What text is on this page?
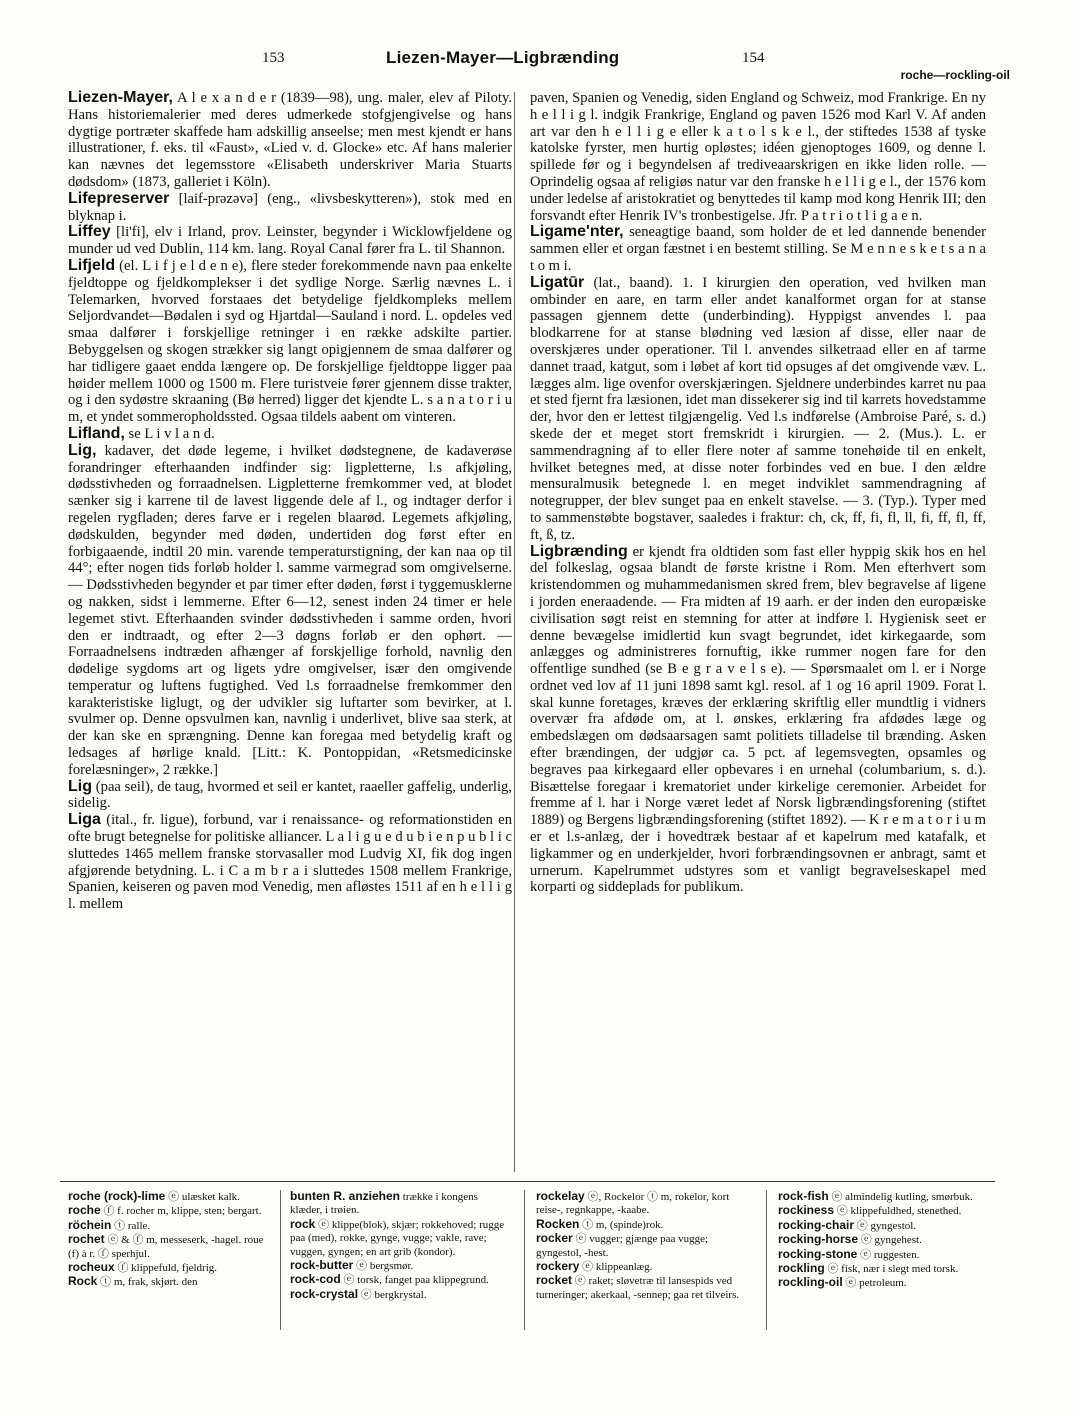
153	Liezen-Mayer—Ligbrænding	154
roche—rockling-oil

Liezen-Mayer, A l e x a n d e r (1839—98), ung. maler, elev af Piloty. Hans historiemalerier med deres udmerkede stofgjengivelse og hans dygtige portræter skaffede ham adskillig anseelse; men mest kjendt er hans illustrationer, f. eks. til «Faust», «Lied v. d. Glocke» etc. Af hans malerier kan nævnes det legemsstore «Elisabeth underskriver Maria Stuarts dødsdom» (1873, galleriet i Köln).

Lifepreserver [laif-prəzəvə] (eng., «livsbeskytteren»), stok med en blyknap i.

Liffey [li'fi], elv i Irland, prov. Leinster, begynder i Wicklowfjeldene og munder ud ved Dublin, 114 km. lang. Royal Canal fører fra L. til Shannon.

Lifjeld (el. L i f j e l d e n e), flere steder forekommende navn paa enkelte fjeldtoppe og fjeldkomplekser i det sydlige Norge. Særlig nævnes L. i Telemarken, hvorved forstaaes det betydelige fjeldkompleks mellem Seljordvandet—Bødalen i syd og Hjartdal—Sauland i nord. L. opdeles ved smaa dalfører i forskjellige retninger i en række adskilte partier. Bebyggelsen og skogen strækker sig langt opigjennem de smaa dalfører og har tidligere gaaet endda længere op. De forskjellige fjeldtoppe ligger paa høider mellem 1000 og 1500 m. Flere turistveie fører gjennem disse trakter, og i den sydøstre skraaning (Bø herred) ligger det kjendte L. s a n a t o r i u m, et yndet sommeropholdssted. Ogsaa tildels aabent om vinteren.

Lifland, se L i v l a n d.

Lig, kadaver, det døde legeme, i hvilket dødstegnene, de kadaverøse forandringer efterhaanden indfinder sig: ligpletterne, l.s afkjøling, dødsstivheden og forraadnelsen. Ligpletterne fremkommer ved, at blodet sænker sig i karrene til de lavest liggende dele af l., og indtager derfor i regelen rygfladen; deres farve er i regelen blaarød. Legemets afkjøling, dødskulden, begynder med døden, undertiden dog først efter en forbigaaende, indtil 20 min. varende temperaturstigning, der kan naa op til 44°; efter nogen tids forløb holder l. samme varmegrad som omgivelserne. — Dødsstivheden begynder et par timer efter døden, først i tyggemusklerne og nakken, sidst i lemmerne. Efter 6—12, senest inden 24 timer er hele legemet stivt. Efterhaanden svinder dødsstivheden i samme orden, hvori den er indtraadt, og efter 2—3 døgns forløb er den ophørt. — Forraadnelsens indtræden afhænger af forskjellige forhold, navnlig den dødelige sygdoms art og ligets ydre omgivelser, især den omgivende temperatur og luftens fugtighed. Ved l.s forraadnelse fremkommer den karakteristiske liglugt, og der udvikler sig luftarter som bevirker, at l. svulmer op. Denne opsvulmen kan, navnlig i underlivet, blive saa sterk, at der kan ske en sprængning. Denne kan foregaa med betydelig kraft og ledsages af hørlige knald. [Litt.: K. Pontoppidan, «Retsmedicinske forelæsninger», 2 række.]

Lig (paa seil), de taug, hvormed et seil er kantet, raaeller gaffelig, underlig, sidelig.

Liga (ital., fr. ligue), forbund, var i renaissance- og reformationstiden en ofte brugt betegnelse for politiske alliancer. L a l i g u e d u b i e n p u b l i c sluttedes 1465 mellem franske storvasaller mod Ludvig XI, fik dog ingen afgjørende betydning. L. i C a m b r a i sluttedes 1508 mellem Frankrige, Spanien, keiseren og paven mod Venedig, men afløstes 1511 af en h e l l i g l. mellem

paven, Spanien og Venedig, siden England og Schweiz, mod Frankrige. En ny h e l l i g l. indgik Frankrige, England og paven 1526 mod Karl V. Af anden art var den h e l l i g e eller k a t o l s k e l., der stiftedes 1538 af tyske katolske fyrster, men hurtig opløstes; idéen gjenoptoges 1609, og denne l. spillede før og i begyndelsen af trediveaarskrigen en ikke liden rolle. — Oprindelig ogsaa af religiøs natur var den franske h e l l i g e l., der 1576 kom under ledelse af aristokratiet og benyttedes til kamp mod kong Henrik III; den forsvandt efter Henrik IV's tronbestigelse. Jfr. P a t r i o t l i g a e n.

Ligame'nter, seneagtige baand, som holder de et led dannende benender sammen eller et organ fæstnet i en bestemt stilling. Se M e n n e s k e t s a n a t o m i.

Ligatūr (lat., baand). 1. I kirurgien den operation, ved hvilken man ombinder en aare, en tarm eller andet kanalformet organ for at stanse passagen gjennem dette (underbinding). Hyppigst anvendes l. paa blodkarrene for at stanse blødning ved læsion af disse, eller naar de overskjæres under operationer. Til l. anvendes silketraad eller en af tarme dannet traad, katgut, som i løbet af kort tid opsuges af det omgivende væv. L. lægges alm. lige ovenfor overskjæringen. Sjeldnere underbindes karret nu paa et sted fjernt fra læsionen, idet man dissekerer sig ind til karrets hovedstamme der, hvor den er lettest tilgjængelig. Ved l.s indførelse (Ambroise Paré, s. d.) skede der et meget stort fremskridt i kirurgien. — 2. (Mus.). L. er sammendragning af to eller flere noter af samme tonehøide til en enkelt, hvilket betegnes med, at disse noter forbindes ved en bue. I den ældre mensuralmusik betegnede l. en meget indviklet sammendragning af notegrupper, der blev sunget paa en enkelt stavelse. — 3. (Typ.). Typer med to sammenstøbte bogstaver, saaledes i fraktur: ch, ck, ff, fi, fl, ll, fi, ff, fl, ff, ft, ß, tz.

Ligbrænding er kjendt fra oldtiden som fast eller hyppig skik hos en hel del folkeslag, ogsaa blandt de første kristne i Rom. Men efterhvert som kristendommen og muhammedanismen skred frem, blev begravelse af ligene i jorden eneraadende. — Fra midten af 19 aarh. er der inden den europæiske civilisation søgt reist en stemning for atter at indføre l. Hygienisk seet er denne bevægelse imidlertid kun svagt begrundet, idet kirkegaarde, som anlægges og administreres fornuftig, ikke rummer nogen fare for den offentlige sundhed (se B e g r a v e l s e). — Spørsmaalet om l. er i Norge ordnet ved lov af 11 juni 1898 samt kgl. resol. af 1 og 16 april 1909. Forat l. skal kunne foretages, kræves der erklæring skriftlig eller mundtlig i vidners overvær fra afdøde om, at l. ønskes, erklæring fra afdødes læge og embedslægen om dødsaarsagen samt politiets tilladelse til brænding. Asken efter brændingen, der udgjør ca. 5 pct. af legemsvegten, opsamles og begraves paa kirkegaard eller opbevares i en urnehal (columbarium, s. d.). Bisættelse foregaar i krematoriet under kirkelige ceremonier. Arbeidet for fremme af l. har i Norge været ledet af Norsk ligbrændingsforening (stiftet 1889) og Bergens ligbrændingsforening (stiftet 1892). — K r e m a t o r i u m er et l.s-anlæg, der i hovedtræk bestaar af et kapelrum med katafalk, et ligkammer og en underkjelder, hvori forbrændingsovnen er anbragt, samt et urnerum. Kapelrummet udstyres som et vanligt begravelseskapel med korparti og siddeplads for publikum.

roche (rock)-lime ⓔ ulæsket kalk.

roche ⓕ f. rocher m, klippe, sten; bergart.

röchein ⓣ ralle.

rochet ⓔ & ⓕ m, messeserk, -hagel. roue (f) à r. ⓕ sperhjul.

rocheux ⓕ klippefuld, fjeldrig.

Rock ⓣ m, frak, skjørt. den

bunten R. anziehen trække i kongens klæder, i trøien.

rock ⓔ klippe(blok), skjær; rokkehoved; rugge paa (med), rokke, gynge, vugge; vakle, rave; vuggen, gyngen; en art grib (kondor).

rock-butter ⓔ bergsmør.

rock-cod ⓔ torsk, fanget paa klippegrund.

rock-crystal ⓔ bergkrystal.

rockelay ⓔ, Rockelor ⓣ m, rokelor, kort reise-, regnkappe, -kaabe.

Rocken ⓣ m, (spinde)rok.

rocker ⓔ vugger; gjænge paa vugge; gyngestol, -hest.

rockery ⓔ klippeanlæg.

rocket ⓔ raket; sløvetræ til lansespids ved turneringer; akerkaal, -sennep; gaa ret tilveirs.

rock-fish ⓔ almindelig kutling, smørbuk.

rockiness ⓔ klippefuldhed, stenethed.

rocking-chair ⓔ gyngestol.

rocking-horse ⓔ gyngehest.

rocking-stone ⓔ ruggesten.

rockling ⓔ fisk, nær i slegt med torsk.

rockling-oil ⓔ petroleum.
